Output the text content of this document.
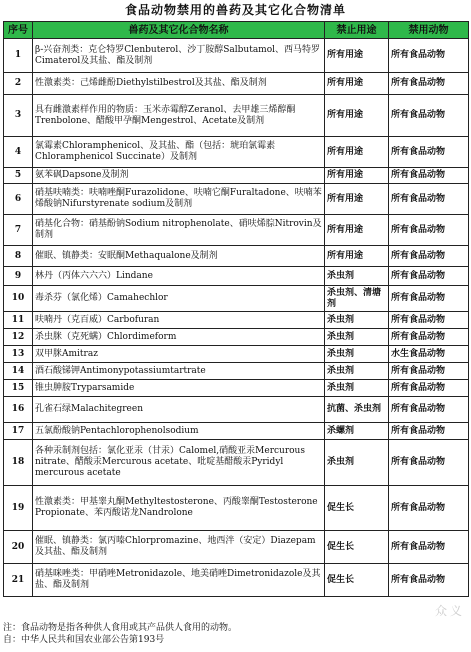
食品动物禁用的兽药及其它化合物清单
序号	兽药及其它化合物名称	禁止用途	禁用动物
1	β-兴奋剂类：克仑特罗Clenbuterol、沙丁胺醇Salbutamol、西马特罗Cimaterol及其盐、酯及制剂	所有用途	所有食品动物
2	性激素类：己烯雌酚Diethylstilbestrol及其盐、酯及制剂	所有用途	所有食品动物
3	具有雌激素样作用的物质：玉米赤霉醇Zeranol、去甲雄三烯醇酮Trenbolone、醋酸甲孕酮Mengestrol、Acetate及制剂	所有用途	所有食品动物
4	氯霉素Chloramphenicol、及其盐、酯（包括：琥珀氯霉素Chloramphenicol Succinate）及制剂	所有用途	所有食品动物
5	氨苯砜Dapsone及制剂	所有用途	所有食品动物
6	硝基呋喃类：呋喃唑酮Furazolidone、呋喃它酮Furaltadone、呋喃苯烯酸钠Nifurstyrenate sodium及制剂	所有用途	所有食品动物
7	硝基化合物：硝基酚钠Sodium nitrophenolate、硝呋烯腙Nitrovin及制剂	所有用途	所有食品动物
8	催眠、镇静类：安眠酮Methaqualone及制剂	所有用途	所有食品动物
9	林丹（丙体六六六）Lindane	杀虫剂	所有食品动物
10	毒杀芬（氯化烯）Camahechlor	杀虫剂、清塘剂	所有食品动物
11	呋喃丹（克百威）Carbofuran	杀虫剂	所有食品动物
12	杀虫脒（克死螨）Chlordimeform	杀虫剂	所有食品动物
13	双甲脒Amitraz	杀虫剂	水生食品动物
14	酒石酸锑钾Antimonypotassiumtartrate	杀虫剂	所有食品动物
15	锥虫胂胺Tryparsamide	杀虫剂	所有食品动物
16	孔雀石绿Malachitegreen	抗菌、杀虫剂	所有食品动物
17	五氯酚酸钠Pentachlorophenolsodium	杀螺剂	所有食品动物
18	各种汞制剂包括：氯化亚汞（甘汞）Calomel,硝酸亚汞Mercurous nitrate、醋酸汞Mercurous acetate、吡啶基醋酸汞Pyridyl mercurous acetate	杀虫剂	所有食品动物
19	性激素类：甲基睾丸酮Methyltestosterone、丙酸睾酮Testosterone Propionate、苯丙酸诺龙Nandrolone	促生长	所有食品动物
20	催眠、镇静类：氯丙嗪Chlorpromazine、地西泮（安定）Diazepam及其盐、酯及制剂	促生长	所有食品动物
21	硝基咪唑类：甲硝唑Metronidazole、地美硝唑Dimetronidazole及其盐、酯及制剂	促生长	所有食品动物
众义
注：食品动物是指各种供人食用或其产品供人食用的动物。
自：中华人民共和国农业部公告第193号
